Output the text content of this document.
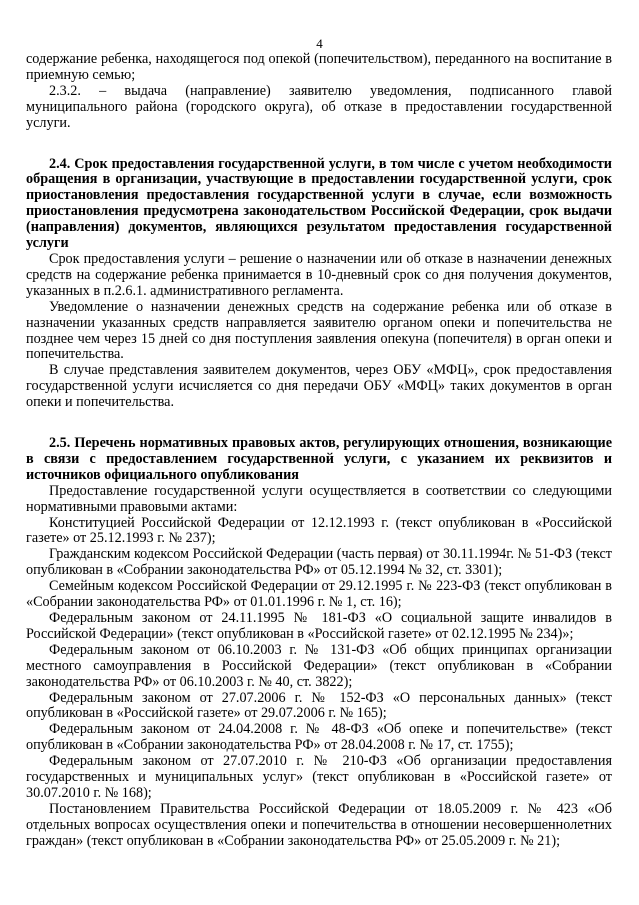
4

содержание ребенка, находящегося под опекой (попечительством), переданного на воспитание в приемную семью;

2.3.2. – выдача (направление) заявителю уведомления, подписанного главой муниципального района (городского округа), об отказе в предоставлении государственной услуги.

2.4. Срок предоставления государственной услуги, в том числе с учетом необходимости обращения в организации, участвующие в предоставлении государственной услуги, срок приостановления предоставления государственной услуги в случае, если возможность приостановления предусмотрена законодательством Российской Федерации, срок выдачи (направления) документов, являющихся результатом предоставления государственной услуги

Срок предоставления услуги – решение о назначении или об отказе в назначении денежных средств на содержание ребенка принимается в 10-дневный срок со дня получения документов, указанных в п.2.6.1. административного регламента.

Уведомление о назначении денежных средств на содержание ребенка или об отказе в назначении указанных средств направляется заявителю органом опеки и попечительства не позднее чем через 15 дней со дня поступления заявления опекуна (попечителя) в орган опеки и попечительства.

В случае представления заявителем документов, через ОБУ «МФЦ», срок предоставления государственной услуги исчисляется со дня передачи ОБУ «МФЦ» таких документов в орган опеки и попечительства.

2.5. Перечень нормативных правовых актов, регулирующих отношения, возникающие в связи с предоставлением государственной услуги, с указанием их реквизитов и источников официального опубликования

Предоставление государственной услуги осуществляется в соответствии со следующими нормативными правовыми актами:

Конституцией Российской Федерации от 12.12.1993 г. (текст опубликован в «Российской газете» от 25.12.1993 г. № 237);

Гражданским кодексом Российской Федерации (часть первая) от 30.11.1994г. № 51-ФЗ (текст опубликован в «Собрании законодательства РФ» от 05.12.1994 № 32, ст. 3301);

Семейным кодексом Российской Федерации от 29.12.1995 г. № 223-ФЗ (текст опубликован в «Собрании законодательства РФ» от 01.01.1996 г. № 1, ст. 16);

Федеральным законом от 24.11.1995 № 181-ФЗ «О социальной защите инвалидов в Российской Федерации» (текст опубликован в «Российской газете» от 02.12.1995 № 234)»;

Федеральным законом от 06.10.2003 г. № 131-ФЗ «Об общих принципах организации местного самоуправления в Российской Федерации» (текст опубликован в «Собрании законодательства РФ» от 06.10.2003 г. № 40, ст. 3822);

Федеральным законом от 27.07.2006 г. № 152-ФЗ «О персональных данных» (текст опубликован в «Российской газете» от 29.07.2006 г. № 165);

Федеральным законом от 24.04.2008 г. № 48-ФЗ «Об опеке и попечительстве» (текст опубликован в «Собрании законодательства РФ» от 28.04.2008 г. № 17, ст. 1755);

Федеральным законом от 27.07.2010 г. № 210-ФЗ «Об организации предоставления государственных и муниципальных услуг» (текст опубликован в «Российской газете» от 30.07.2010 г. № 168);

Постановлением Правительства Российской Федерации от 18.05.2009 г. № 423 «Об отдельных вопросах осуществления опеки и попечительства в отношении несовершеннолетних граждан» (текст опубликован в «Собрании законодательства РФ» от 25.05.2009 г. № 21);
